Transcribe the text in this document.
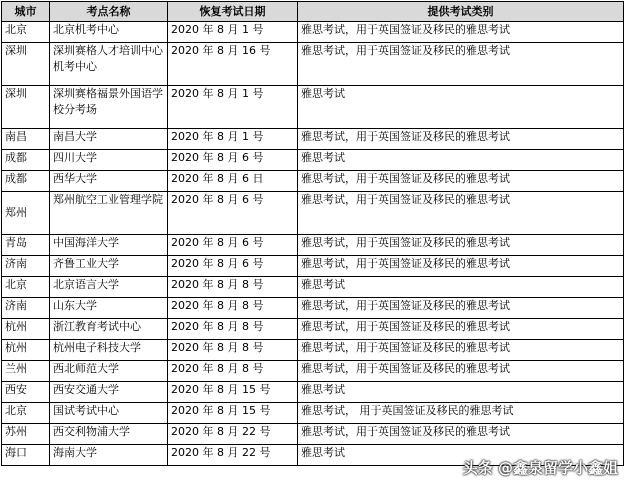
城市	考点名称	恢复考试日期	提供考试类别
北京	北京机考中心	2020 年 8 月 1 号	雅思考试，用于英国签证及移民的雅思考试
深圳	深圳赛格人才培训中心机考中心	2020 年 8 月 16 号	雅思考试，用于英国签证及移民的雅思考试
深圳	深圳赛格福景外国语学校分考场	2020 年 8 月 1 号	雅思考试
南昌	南昌大学	2020 年 8 月 1 号	雅思考试，用于英国签证及移民的雅思考试
成都	四川大学	2020 年 8 月 6 号	雅思考试
成都	西华大学	2020 年 8 月 6 日	雅思考试，用于英国签证及移民的雅思考试
郑州	郑州航空工业管理学院	2020 年 8 月 6 号	雅思考试，用于英国签证及移民的雅思考试
青岛	中国海洋大学	2020 年 8 月 6 号	雅思考试，用于英国签证及移民的雅思考试
济南	齐鲁工业大学	2020 年 8 月 6 号	雅思考试，用于英国签证及移民的雅思考试
北京	北京语言大学	2020 年 8 月 8 号	雅思考试
济南	山东大学	2020 年 8 月 8 号	雅思考试，用于英国签证及移民的雅思考试
杭州	浙江教育考试中心	2020 年 8 月 8 号	雅思考试，用于英国签证及移民的雅思考试
杭州	杭州电子科技大学	2020 年 8 月 8 号	雅思考试，用于英国签证及移民的雅思考试
兰州	西北师范大学	2020 年 8 月 8 号	雅思考试，用于英国签证及移民的雅思考试
西安	西安交通大学	2020 年 8 月 15 号	雅思考试
北京	国试考试中心	2020 年 8 月 15 号	雅思考试， 用于英国签证及移民的雅思考试
苏州	西交利物浦大学	2020 年 8 月 22 号	雅思考试，用于英国签证及移民的雅思考试
海口	海南大学	2020 年 8 月 22 号	雅思考试
头条 @鑫泉留学小鑫姐
